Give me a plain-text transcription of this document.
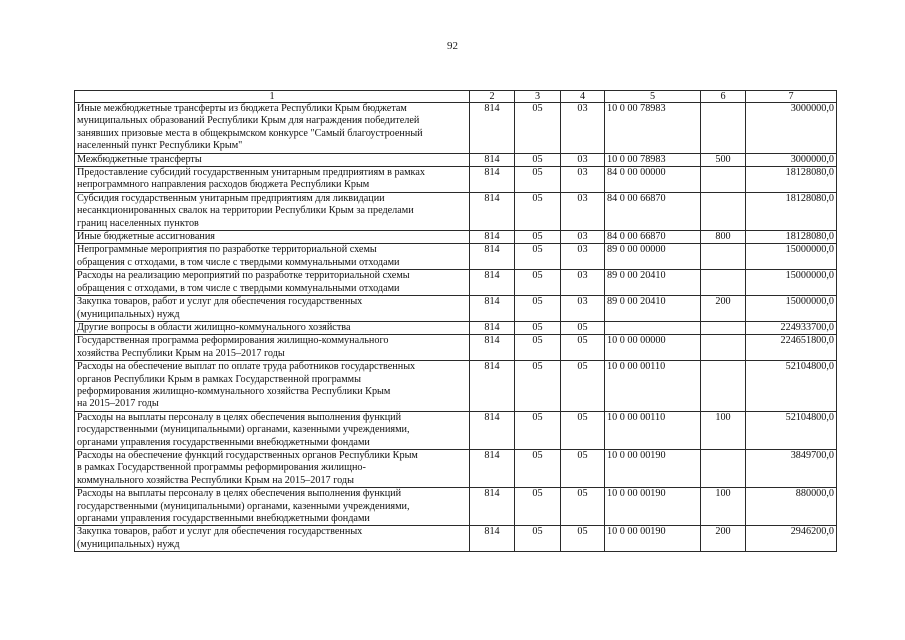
92
1	2	3	4	5	6	7

Иные межбюджетные трансферты из бюджета Республики Крым бюджетам
муниципальных образований Республики Крым для награждения победителей
занявших призовые места в общекрымском конкурсе "Самый благоустроенный
населенный пункт Республики Крым"	814	05	03	10 0 00 78983		3000000,0

Межбюджетные трансферты	814	05	03	10 0 00 78983	500	3000000,0

Предоставление субсидий государственным унитарным предприятиям в рамках
непрограммного направления расходов бюджета Республики Крым	814	05	03	84 0 00 00000		18128080,0

Субсидия государственным унитарным предприятиям для ликвидации
несанкционированных свалок на территории Республики Крым за пределами
границ населенных пунктов	814	05	03	84 0 00 66870		18128080,0

Иные бюджетные ассигнования	814	05	03	84 0 00 66870	800	18128080,0

Непрограммные мероприятия по разработке территориальной схемы
обращения с отходами, в том числе с твердыми коммунальными отходами	814	05	03	89 0 00 00000		15000000,0

Расходы на реализацию мероприятий по разработке территориальной схемы
обращения с отходами, в том числе с твердыми коммунальными отходами	814	05	03	89 0 00 20410		15000000,0

Закупка товаров, работ и услуг для обеспечения государственных
(муниципальных) нужд	814	05	03	89 0 00 20410	200	15000000,0

Другие вопросы в области жилищно-коммунального хозяйства	814	05	05			224933700,0

Государственная программа реформирования жилищно-коммунального
хозяйства Республики Крым на 2015–2017 годы	814	05	05	10 0 00 00000		224651800,0

Расходы на обеспечение выплат по оплате труда работников государственных
органов Республики Крым в рамках Государственной программы
реформирования жилищно-коммунального хозяйства Республики Крым
на 2015–2017 годы	814	05	05	10 0 00 00110		52104800,0

Расходы на выплаты персоналу в целях обеспечения выполнения функций
государственными (муниципальными) органами, казенными учреждениями,
органами управления государственными внебюджетными фондами	814	05	05	10 0 00 00110	100	52104800,0

Расходы на обеспечение функций государственных органов Республики Крым
в рамках Государственной программы реформирования жилищно-
коммунального хозяйства Республики Крым на 2015–2017 годы	814	05	05	10 0 00 00190		3849700,0

Расходы на выплаты персоналу в целях обеспечения выполнения функций
государственными (муниципальными) органами, казенными учреждениями,
органами управления государственными внебюджетными фондами	814	05	05	10 0 00 00190	100	880000,0

Закупка товаров, работ и услуг для обеспечения государственных
(муниципальных) нужд	814	05	05	10 0 00 00190	200	2946200,0
